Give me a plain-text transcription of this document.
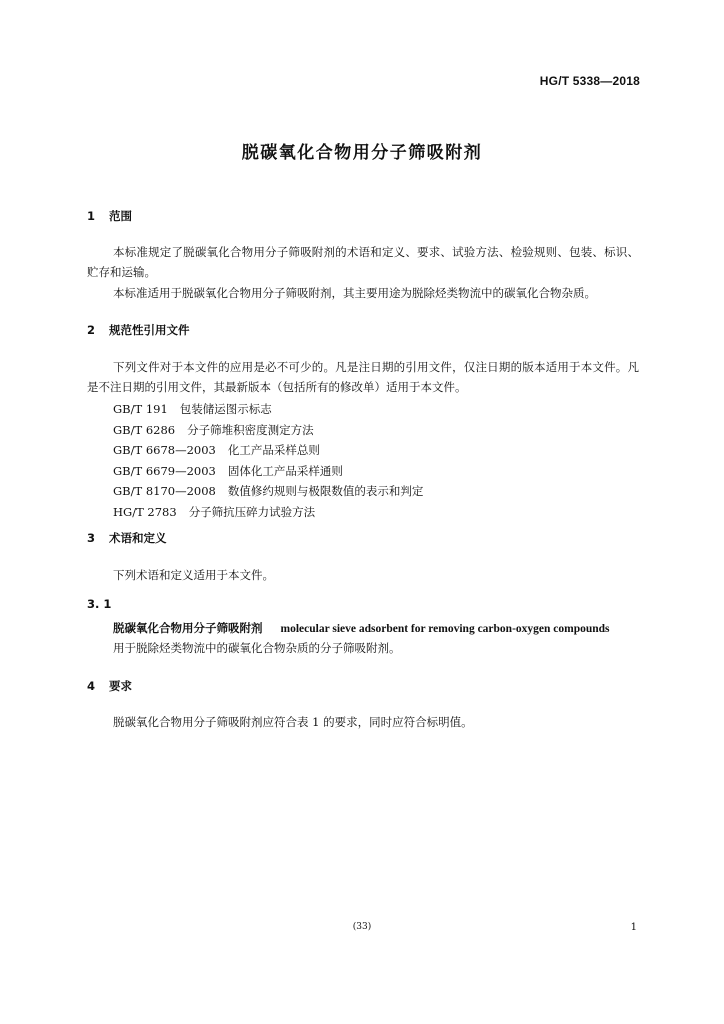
HG/T 5338—2018
脱碳氧化合物用分子筛吸附剂
1 范围

本标准规定了脱碳氧化合物用分子筛吸附剂的术语和定义、要求、试验方法、检验规则、包装、标识、贮存和运输。

本标准适用于脱碳氧化合物用分子筛吸附剂，其主要用途为脱除烃类物流中的碳氧化合物杂质。

2 规范性引用文件

下列文件对于本文件的应用是必不可少的。凡是注日期的引用文件，仅注日期的版本适用于本文件。凡是不注日期的引用文件，其最新版本（包括所有的修改单）适用于本文件。

GB/T 191 包装储运图示标志
GB/T 6286 分子筛堆积密度测定方法
GB/T 6678—2003 化工产品采样总则
GB/T 6679—2003 固体化工产品采样通则
GB/T 8170—2008 数值修约规则与极限数值的表示和判定
HG/T 2783 分子筛抗压碎力试验方法
3 术语和定义

下列术语和定义适用于本文件。

3. 1
脱碳氧化合物用分子筛吸附剂 molecular sieve adsorbent for removing carbon-oxygen compounds
用于脱除烃类物流中的碳氧化合物杂质的分子筛吸附剂。
4 要求

脱碳氧化合物用分子筛吸附剂应符合表 1 的要求，同时应符合标明值。

(33)	1
